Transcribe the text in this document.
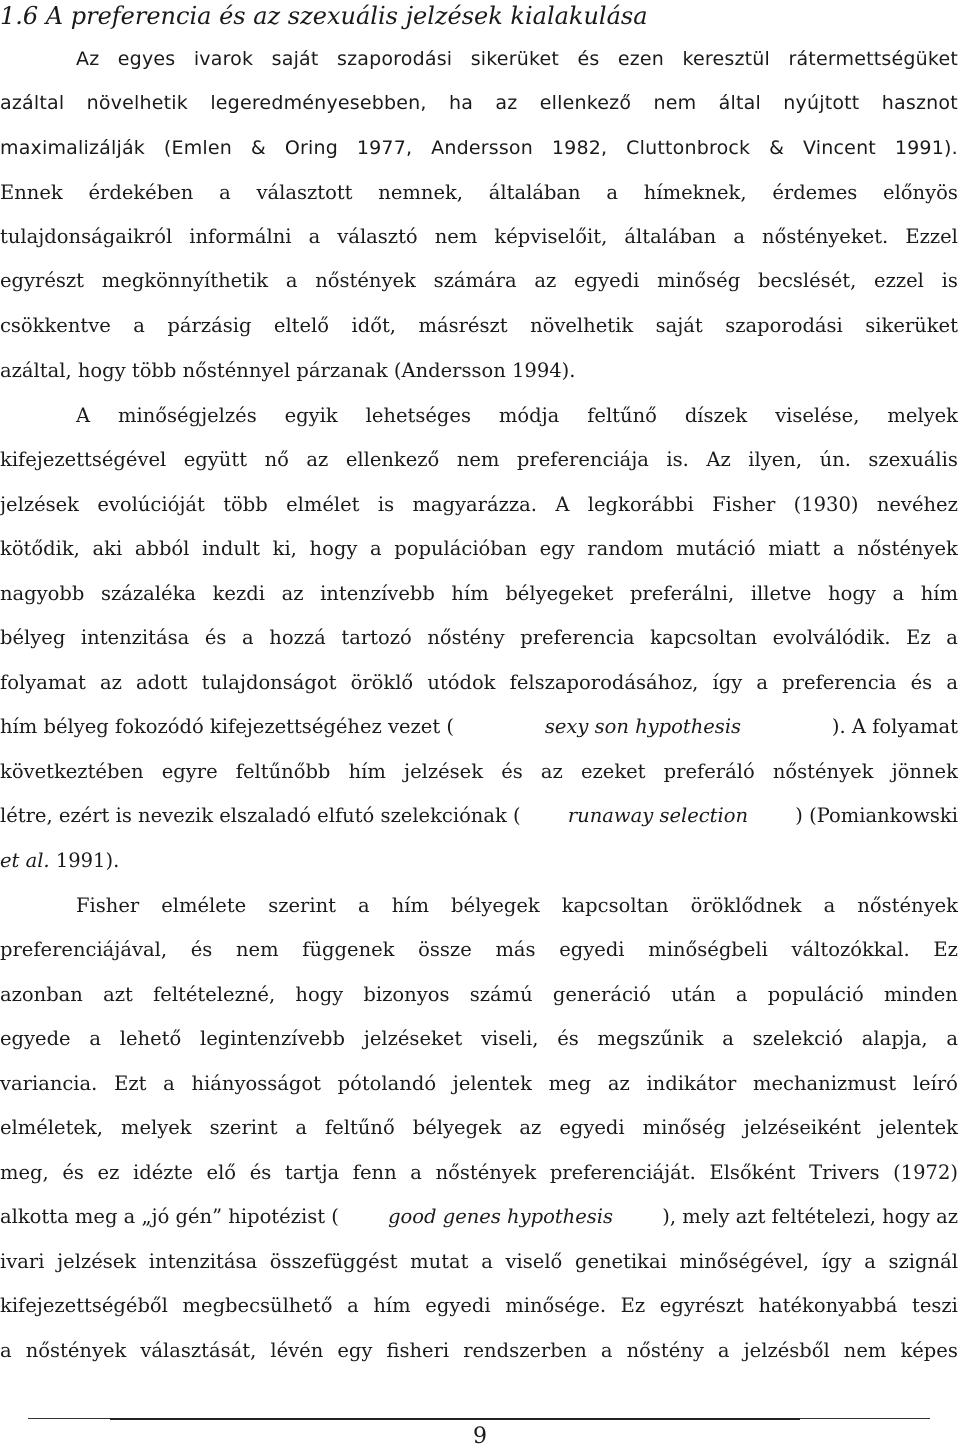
1.6 A preferencia és az szexuális jelzések kialakulása
Az egyes ivarok saját szaporodási sikerüket és ezen keresztül rátermettségüket
azáltal növelhetik legeredményesebben, ha az ellenkező nem által nyújtott hasznot
maximalizálják (Emlen & Oring 1977, Andersson 1982, Cluttonbrock & Vincent 1991).
Ennek érdekében a választott nemnek, általában a hímeknek, érdemes előnyös
tulajdonságaikról informálni a választó nem képviselőit, általában a nőstényeket. Ezzel
egyrészt megkönnyíthetik a nőstények számára az egyedi minőség becslését, ezzel is
csökkentve a párzásig eltelő időt, másrészt növelhetik saját szaporodási sikerüket
azáltal, hogy több nősténnyel párzanak (Andersson 1994).
A minőségjelzés egyik lehetséges módja feltűnő díszek viselése, melyek
kifejezettségével együtt nő az ellenkező nem preferenciája is. Az ilyen, ún. szexuális
jelzések evolúcióját több elmélet is magyarázza. A legkorábbi Fisher (1930) nevéhez
kötődik, aki abból indult ki, hogy a populációban egy random mutáció miatt a nőstények
nagyobb százaléka kezdi az intenzívebb hím bélyegeket preferálni, illetve hogy a hím
bélyeg intenzitása és a hozzá tartozó nőstény preferencia kapcsoltan evolválódik. Ez a
folyamat az adott tulajdonságot öröklő utódok felszaporodásához, így a preferencia és a
hím bélyeg fokozódó kifejezettségéhez vezet (	sexy son hypothesis	). A folyamat
következtében egyre feltűnőbb hím jelzések és az ezeket preferáló nőstények jönnek
létre, ezért is nevezik elszaladó elfutó szelekciónak ( runaway selection ) (Pomiankowski
et al. 1991).
Fisher elmélete szerint a hím bélyegek kapcsoltan öröklődnek a nőstények
preferenciájával, és nem függenek össze más egyedi minőségbeli változókkal. Ez
azonban azt feltételezné, hogy bizonyos számú generáció után a populáció minden
egyede a lehető legintenzívebb jelzéseket viseli, és megszűnik a szelekció alapja, a
variancia. Ezt a hiányosságot pótolandó jelentek meg az indikátor mechanizmust leíró
elméletek, melyek szerint a feltűnő bélyegek az egyedi minőség jelzéseiként jelentek
meg, és ez idézte elő és tartja fenn a nőstények preferenciáját. Elsőként Trivers (1972)
alkotta meg a „jó gén” hipotézist (	good genes hypothesis	), mely azt feltételezi, hogy az
ivari jelzések intenzitása összefüggést mutat a viselő genetikai minőségével, így a szignál
kifejezettségéből megbecsülhető a hím egyedi minősége. Ez egyrészt hatékonyabbá teszi
a nőstények választását, lévén egy fisheri rendszerben a nőstény a jelzésből nem képes
9
